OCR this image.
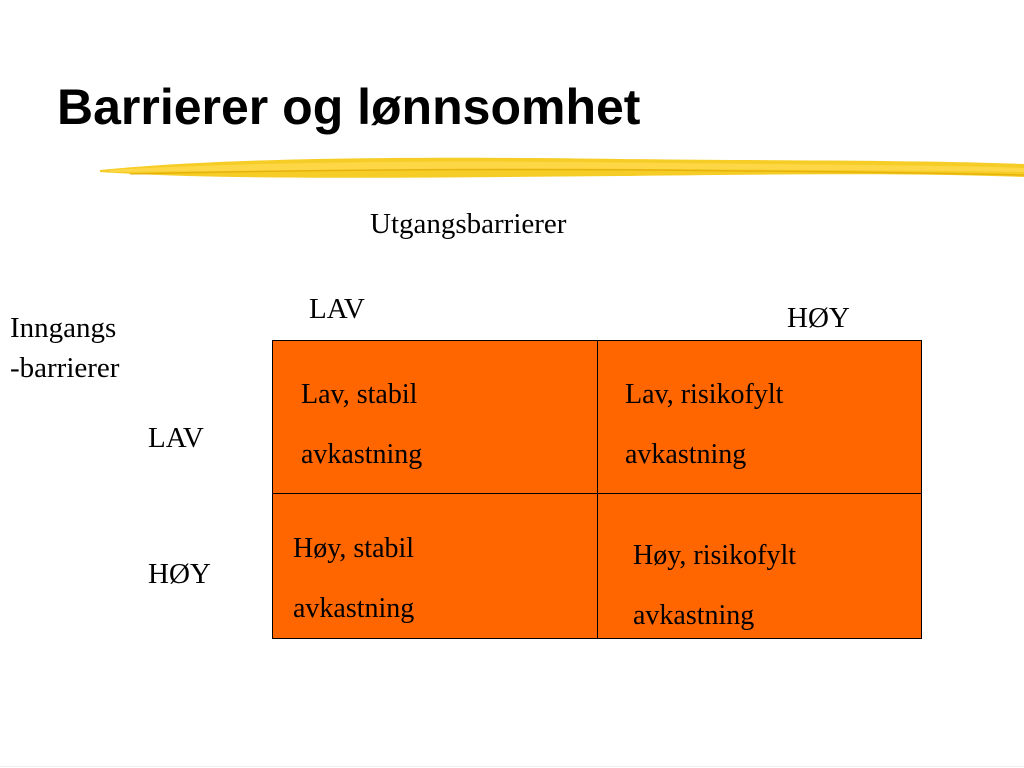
Barrierer og lønnsomhet
Utgangsbarrierer
LAV	HØY
Inngangs
-barrierer
LAV
HØY
Lav, stabil
avkastning
Lav, risikofylt
avkastning
Høy, stabil
avkastning
Høy, risikofylt
avkastning
